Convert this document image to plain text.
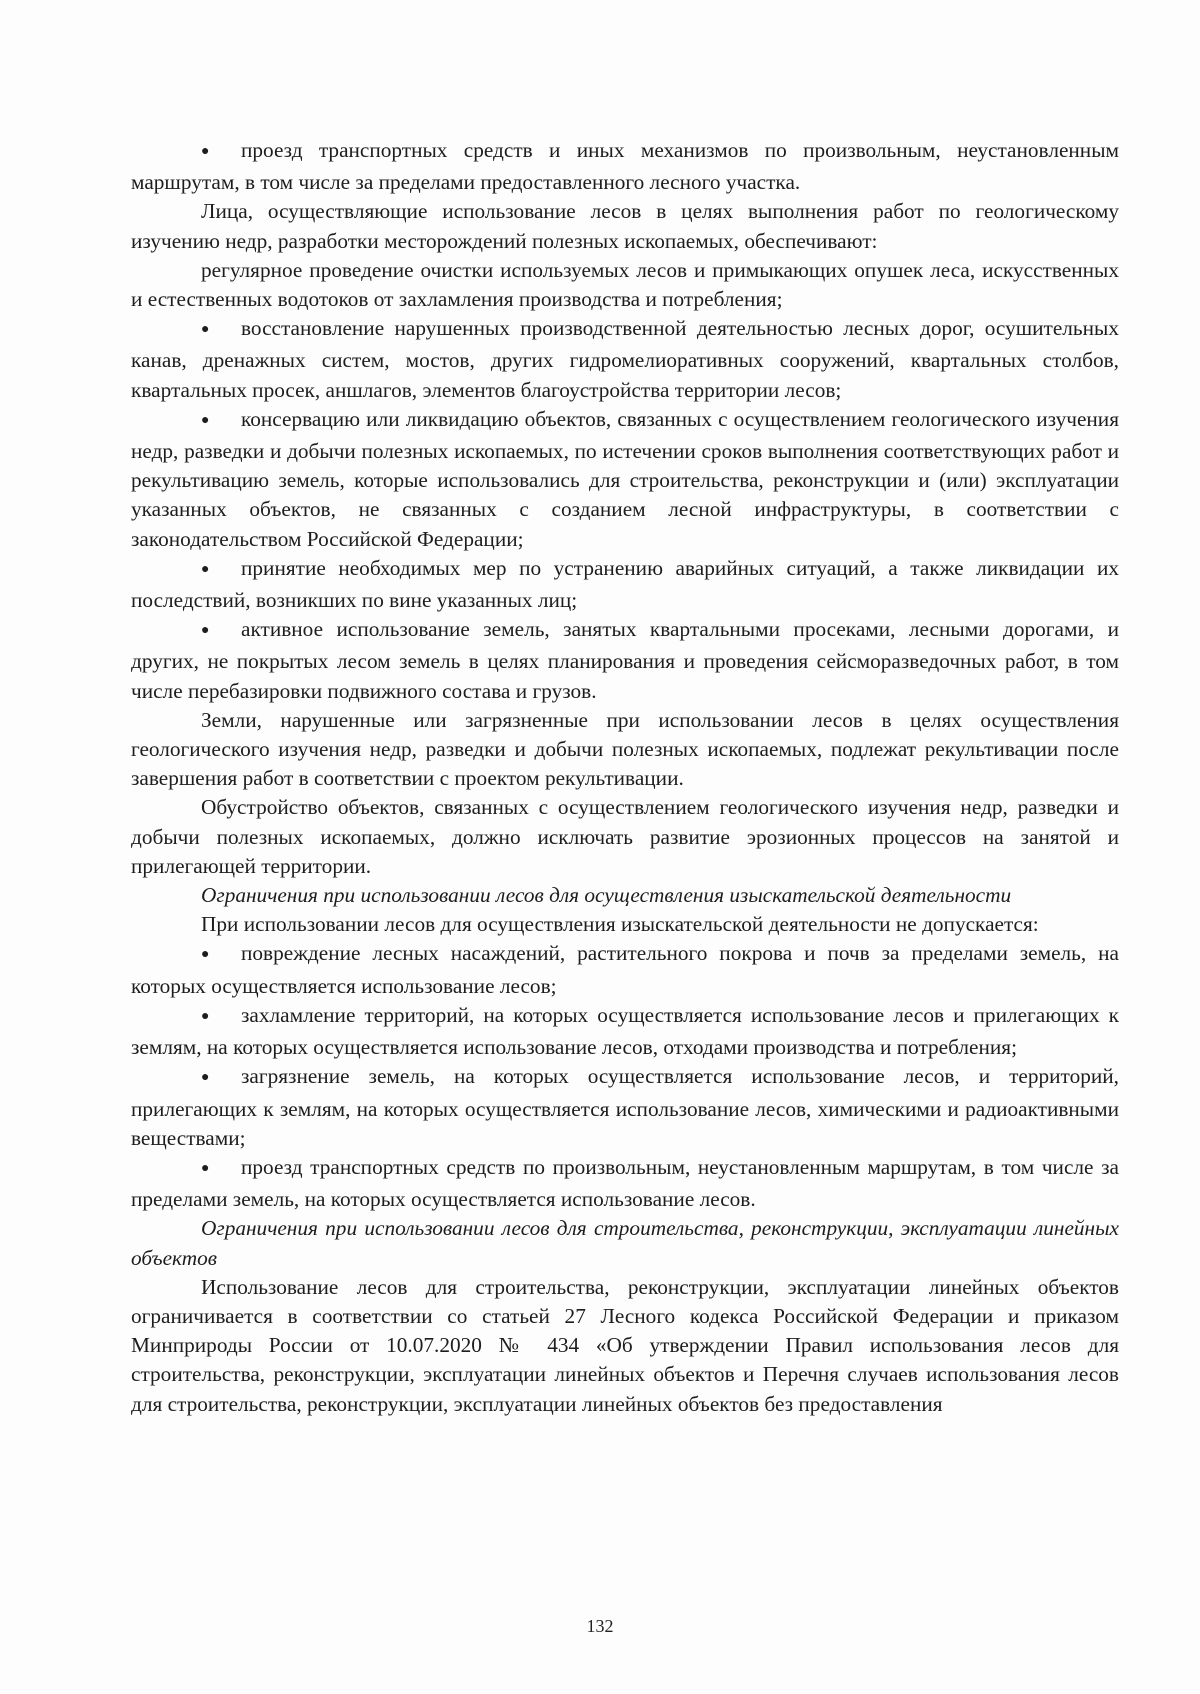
●проезд транспортных средств и иных механизмов по произвольным, неустановленным маршрутам, в том числе за пределами предоставленного лесного участка.

Лица, осуществляющие использование лесов в целях выполнения работ по геологическому изучению недр, разработки месторождений полезных ископаемых, обеспечивают:

регулярное проведение очистки используемых лесов и примыкающих опушек леса, искусственных и естественных водотоков от захламления производства и потребления;

●восстановление нарушенных производственной деятельностью лесных дорог, осушительных канав, дренажных систем, мостов, других гидромелиоративных сооружений, квартальных столбов, квартальных просек, аншлагов, элементов благоустройства территории лесов;

●консервацию или ликвидацию объектов, связанных с осуществлением геологического изучения недр, разведки и добычи полезных ископаемых, по истечении сроков выполнения соответствующих работ и рекультивацию земель, которые использовались для строительства, реконструкции и (или) эксплуатации указанных объектов, не связанных с созданием лесной инфраструктуры, в соответствии с законодательством Российской Федерации;

●принятие необходимых мер по устранению аварийных ситуаций, а также ликвидации их последствий, возникших по вине указанных лиц;

●активное использование земель, занятых квартальными просеками, лесными дорогами, и других, не покрытых лесом земель в целях планирования и проведения сейсморазведочных работ, в том числе перебазировки подвижного состава и грузов.

Земли, нарушенные или загрязненные при использовании лесов в целях осуществления геологического изучения недр, разведки и добычи полезных ископаемых, подлежат рекультивации после завершения работ в соответствии с проектом рекультивации.

Обустройство объектов, связанных с осуществлением геологического изучения недр, разведки и добычи полезных ископаемых, должно исключать развитие эрозионных процессов на занятой и прилегающей территории.

Ограничения при использовании лесов для осуществления изыскательской деятельности

При использовании лесов для осуществления изыскательской деятельности не допускается:

●повреждение лесных насаждений, растительного покрова и почв за пределами земель, на которых осуществляется использование лесов;

●захламление территорий, на которых осуществляется использование лесов и прилегающих к землям, на которых осуществляется использование лесов, отходами производства и потребления;

●загрязнение земель, на которых осуществляется использование лесов, и территорий, прилегающих к землям, на которых осуществляется использование лесов, химическими и радиоактивными веществами;

●проезд транспортных средств по произвольным, неустановленным маршрутам, в том числе за пределами земель, на которых осуществляется использование лесов.

Ограничения при использовании лесов для строительства, реконструкции, эксплуатации линейных объектов

Использование лесов для строительства, реконструкции, эксплуатации линейных объектов ограничивается в соответствии со статьей 27 Лесного кодекса Российской Федерации и приказом Минприроды России от 10.07.2020 № 434 «Об утверждении Правил использования лесов для строительства, реконструкции, эксплуатации линейных объектов и Перечня случаев использования лесов для строительства, реконструкции, эксплуатации линейных объектов без предоставления

132
